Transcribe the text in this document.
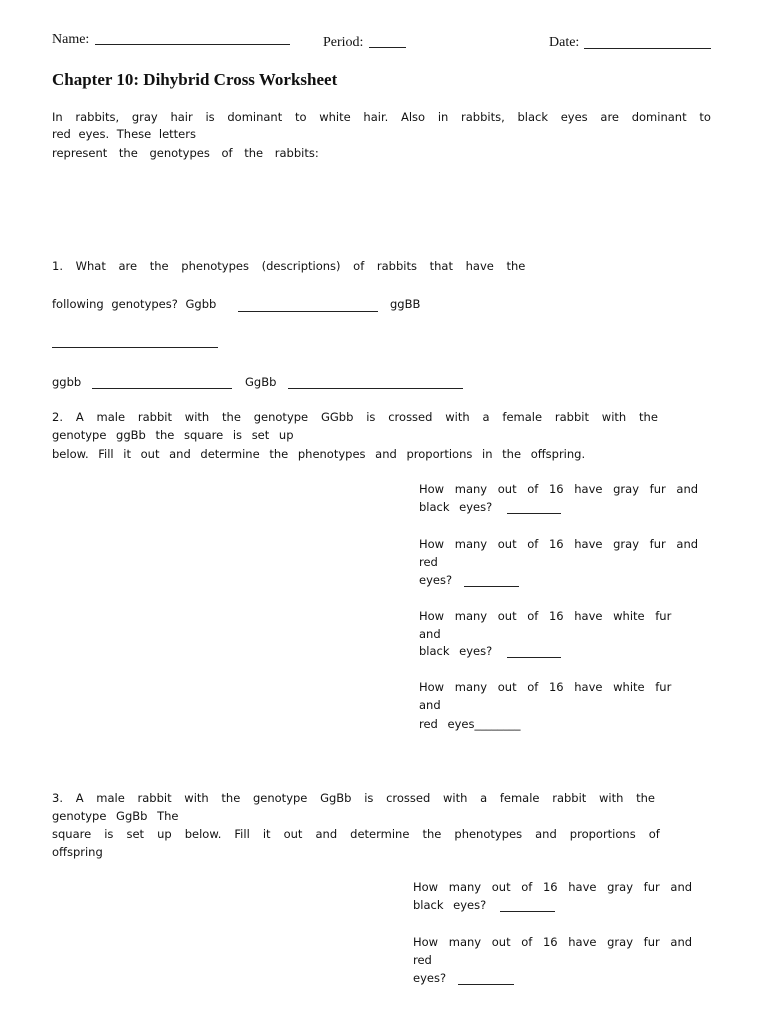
Name:	Period:	Date:
Chapter 10: Dihybrid Cross Worksheet
In rabbits, gray hair is dominant to white hair. Also in rabbits, black eyes are dominant to
red eyes. These letters
represent the genotypes of the rabbits:
1. What are the phenotypes (descriptions) of rabbits that have the
following genotypes? Ggbb	ggBB
ggbb	GgBb
2. A male rabbit with the genotype GGbb is crossed with a female rabbit with the
genotype ggBb the square is set up
below. Fill it out and determine the phenotypes and proportions in the offspring.
How many out of 16 have gray fur and
black eyes?
How many out of 16 have gray fur and
red
eyes?
How many out of 16 have white fur
and
black eyes?
How many out of 16 have white fur
and
red eyes________
3. A male rabbit with the genotype GgBb is crossed with a female rabbit with the
genotype GgBb The
square is set up below. Fill it out and determine the phenotypes and proportions of
offspring
How many out of 16 have gray fur and
black eyes?
How many out of 16 have gray fur and
red
eyes?
